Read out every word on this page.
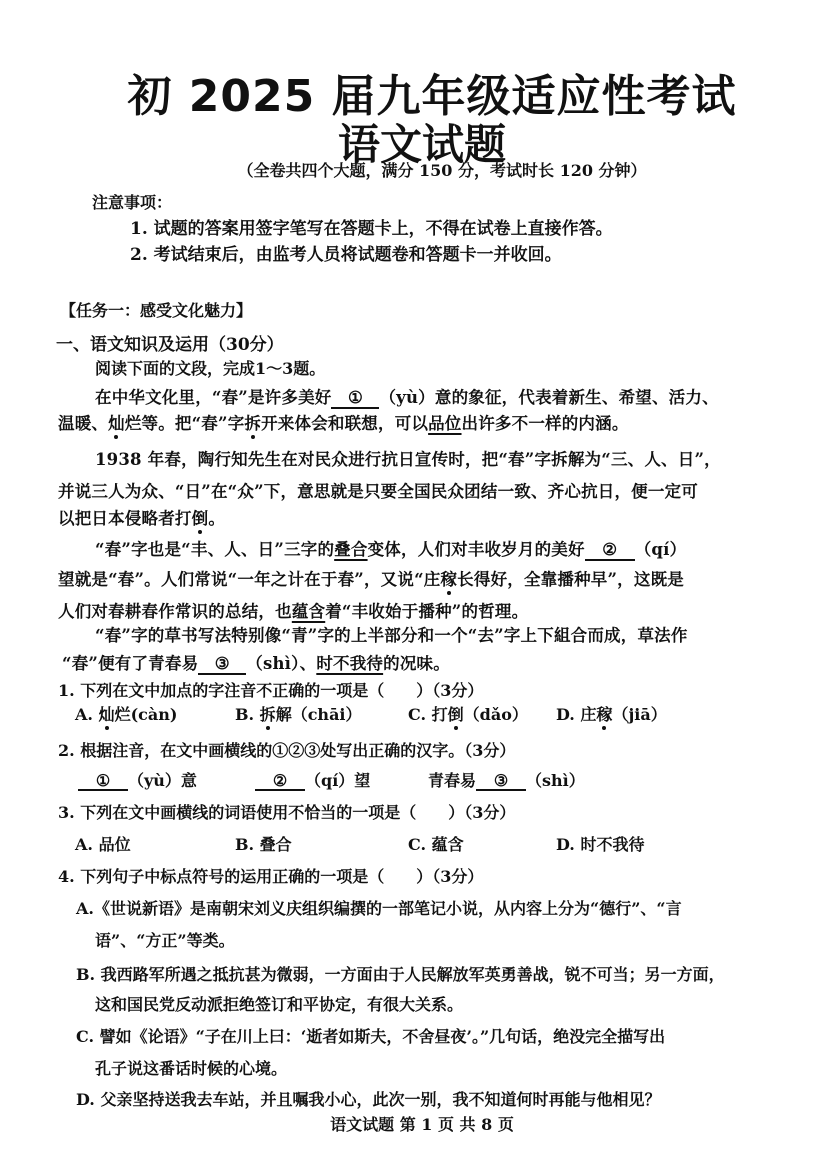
初 2025 届九年级适应性考试
语文试题
（全卷共四个大题，满分 150 分，考试时长 120 分钟）
注意事项：
1. 试题的答案用签字笔写在答题卡上，不得在试卷上直接作答。
2. 考试结束后，由监考人员将试题卷和答题卡一并收回。
【任务一：感受文化魅力】
一、语文知识及运用（30分）
阅读下面的文段，完成1～3题。
在中华文化里，“春”是许多美好 ① （yù）意的象征，代表着新生、希望、活力、
温暖、灿烂等。把“春”字拆开来体会和联想，可以品位出许多不一样的内涵。
1938 年春，陶行知先生在对民众进行抗日宣传时，把“春”字拆解为“三、人、日”，
并说三人为众、“日”在“众”下，意思就是只要全国民众团结一致、齐心抗日，便一定可
以把日本侵略者打倒。
“春”字也是“丰、人、日”三字的叠合变体，人们对丰收岁月的美好 ② （qí）
望就是“春”。人们常说“一年之计在于春”，又说“庄稼长得好，全靠播种早”，这既是
人们对春耕春作常识的总结，也蕴含着“丰收始于播种”的哲理。
“春”字的草书写法特别像“青”字的上半部分和一个“去”字上下組合而成，草法作
“春”便有了青春易 ③ （shì）、时不我待的况味。
1. 下列在文中加点的字注音不正确的一项是（　　）（3分）
A. 灿烂(càn)	B. 拆解（chāi）	C. 打倒（dǎo） D. 庄稼（jiā）
2. 根据注音，在文中画横线的①②③处写出正确的汉字。（3分）
① （yù）意	② （qí）望	青春易 ③ （shì）
3. 下列在文中画横线的词语使用不恰当的一项是（　　）（3分）
A. 品位	B. 叠合	C. 蕴含	D. 时不我待
4. 下列句子中标点符号的运用正确的一项是（　　）（3分）
A.《世说新语》是南朝宋刘义庆组织编撰的一部笔记小说，从内容上分为“德行”、“言
语”、“方正”等类。
B. 我西路军所遇之抵抗甚为微弱，一方面由于人民解放军英勇善战，锐不可当；另一方面，
这和国民党反动派拒绝签订和平协定，有很大关系。
C. 譬如《论语》“子在川上曰：‘逝者如斯夫，不舍昼夜’。”几句话，绝没完全描写出
孔子说这番话时候的心境。
D. 父亲坚持送我去车站，并且嘱我小心，此次一别，我不知道何时再能与他相见？
语文试题 第 1 页 共 8 页
